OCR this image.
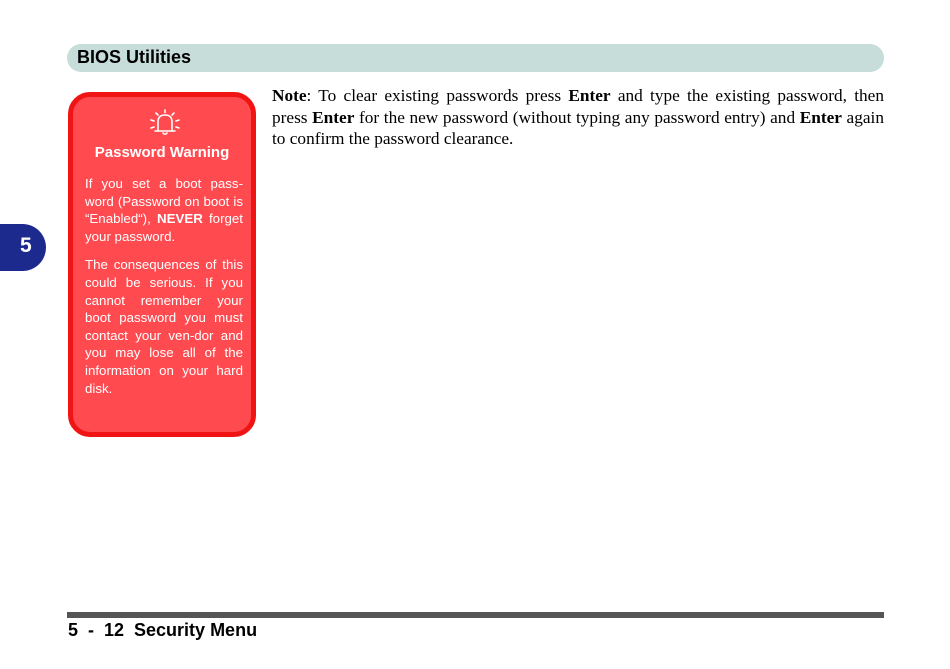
BIOS Utilities
5
Password Warning

If you set a boot pass-word (Password on boot is “Enabled“), NEVER forget your password.

The consequences of this could be serious. If you cannot remember your boot password you must contact your ven-dor and you may lose all of the information on your hard disk.

Note: To clear existing passwords press Enter and type the existing password, then press Enter for the new password (without typing any password entry) and Enter again to confirm the password clearance.
5  -  12  Security Menu
